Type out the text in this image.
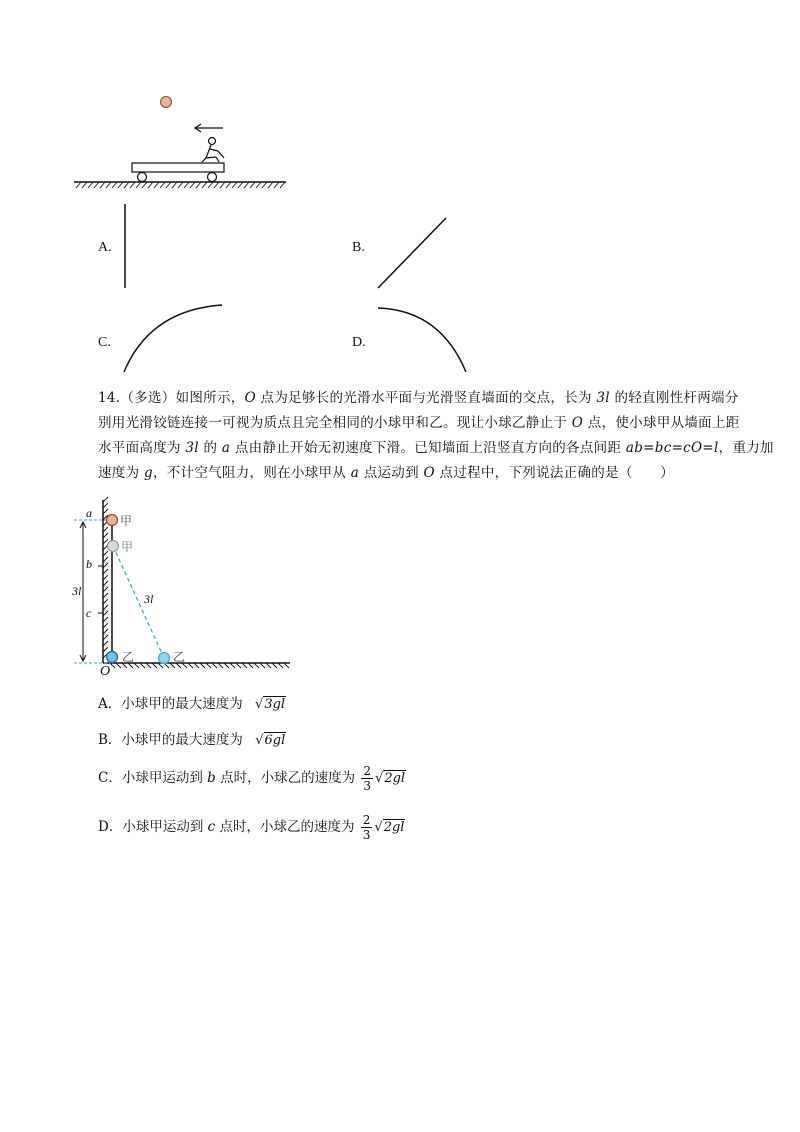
A.	B.
C.	D.
14.（多选）如图所示，O 点为足够长的光滑水平面与光滑竖直墙面的交点，长为 3l 的轻直刚性杆两端分
别用光滑铰链连接一可视为质点且完全相同的小球甲和乙。现让小球乙静止于 O 点，使小球甲从墙面上距
水平面高度为 3l 的 a 点由静止开始无初速度下滑。已知墙面上沿竖直方向的各点间距 ab=bc=cO=l，重力加
速度为 g，不计空气阻力，则在小球甲从 a 点运动到 O 点过程中，下列说法正确的是（　　）
a
b
c
O
3l
3l
甲
甲
乙	乙
A．小球甲的最大速度为 √3gl
B．小球甲的最大速度为 √6gl
C．小球甲运动到 b 点时，小球乙的速度为 $\frac{2}{3} √2gl$
D．小球甲运动到 c 点时，小球乙的速度为 $\frac{2}{3} √2gl$
